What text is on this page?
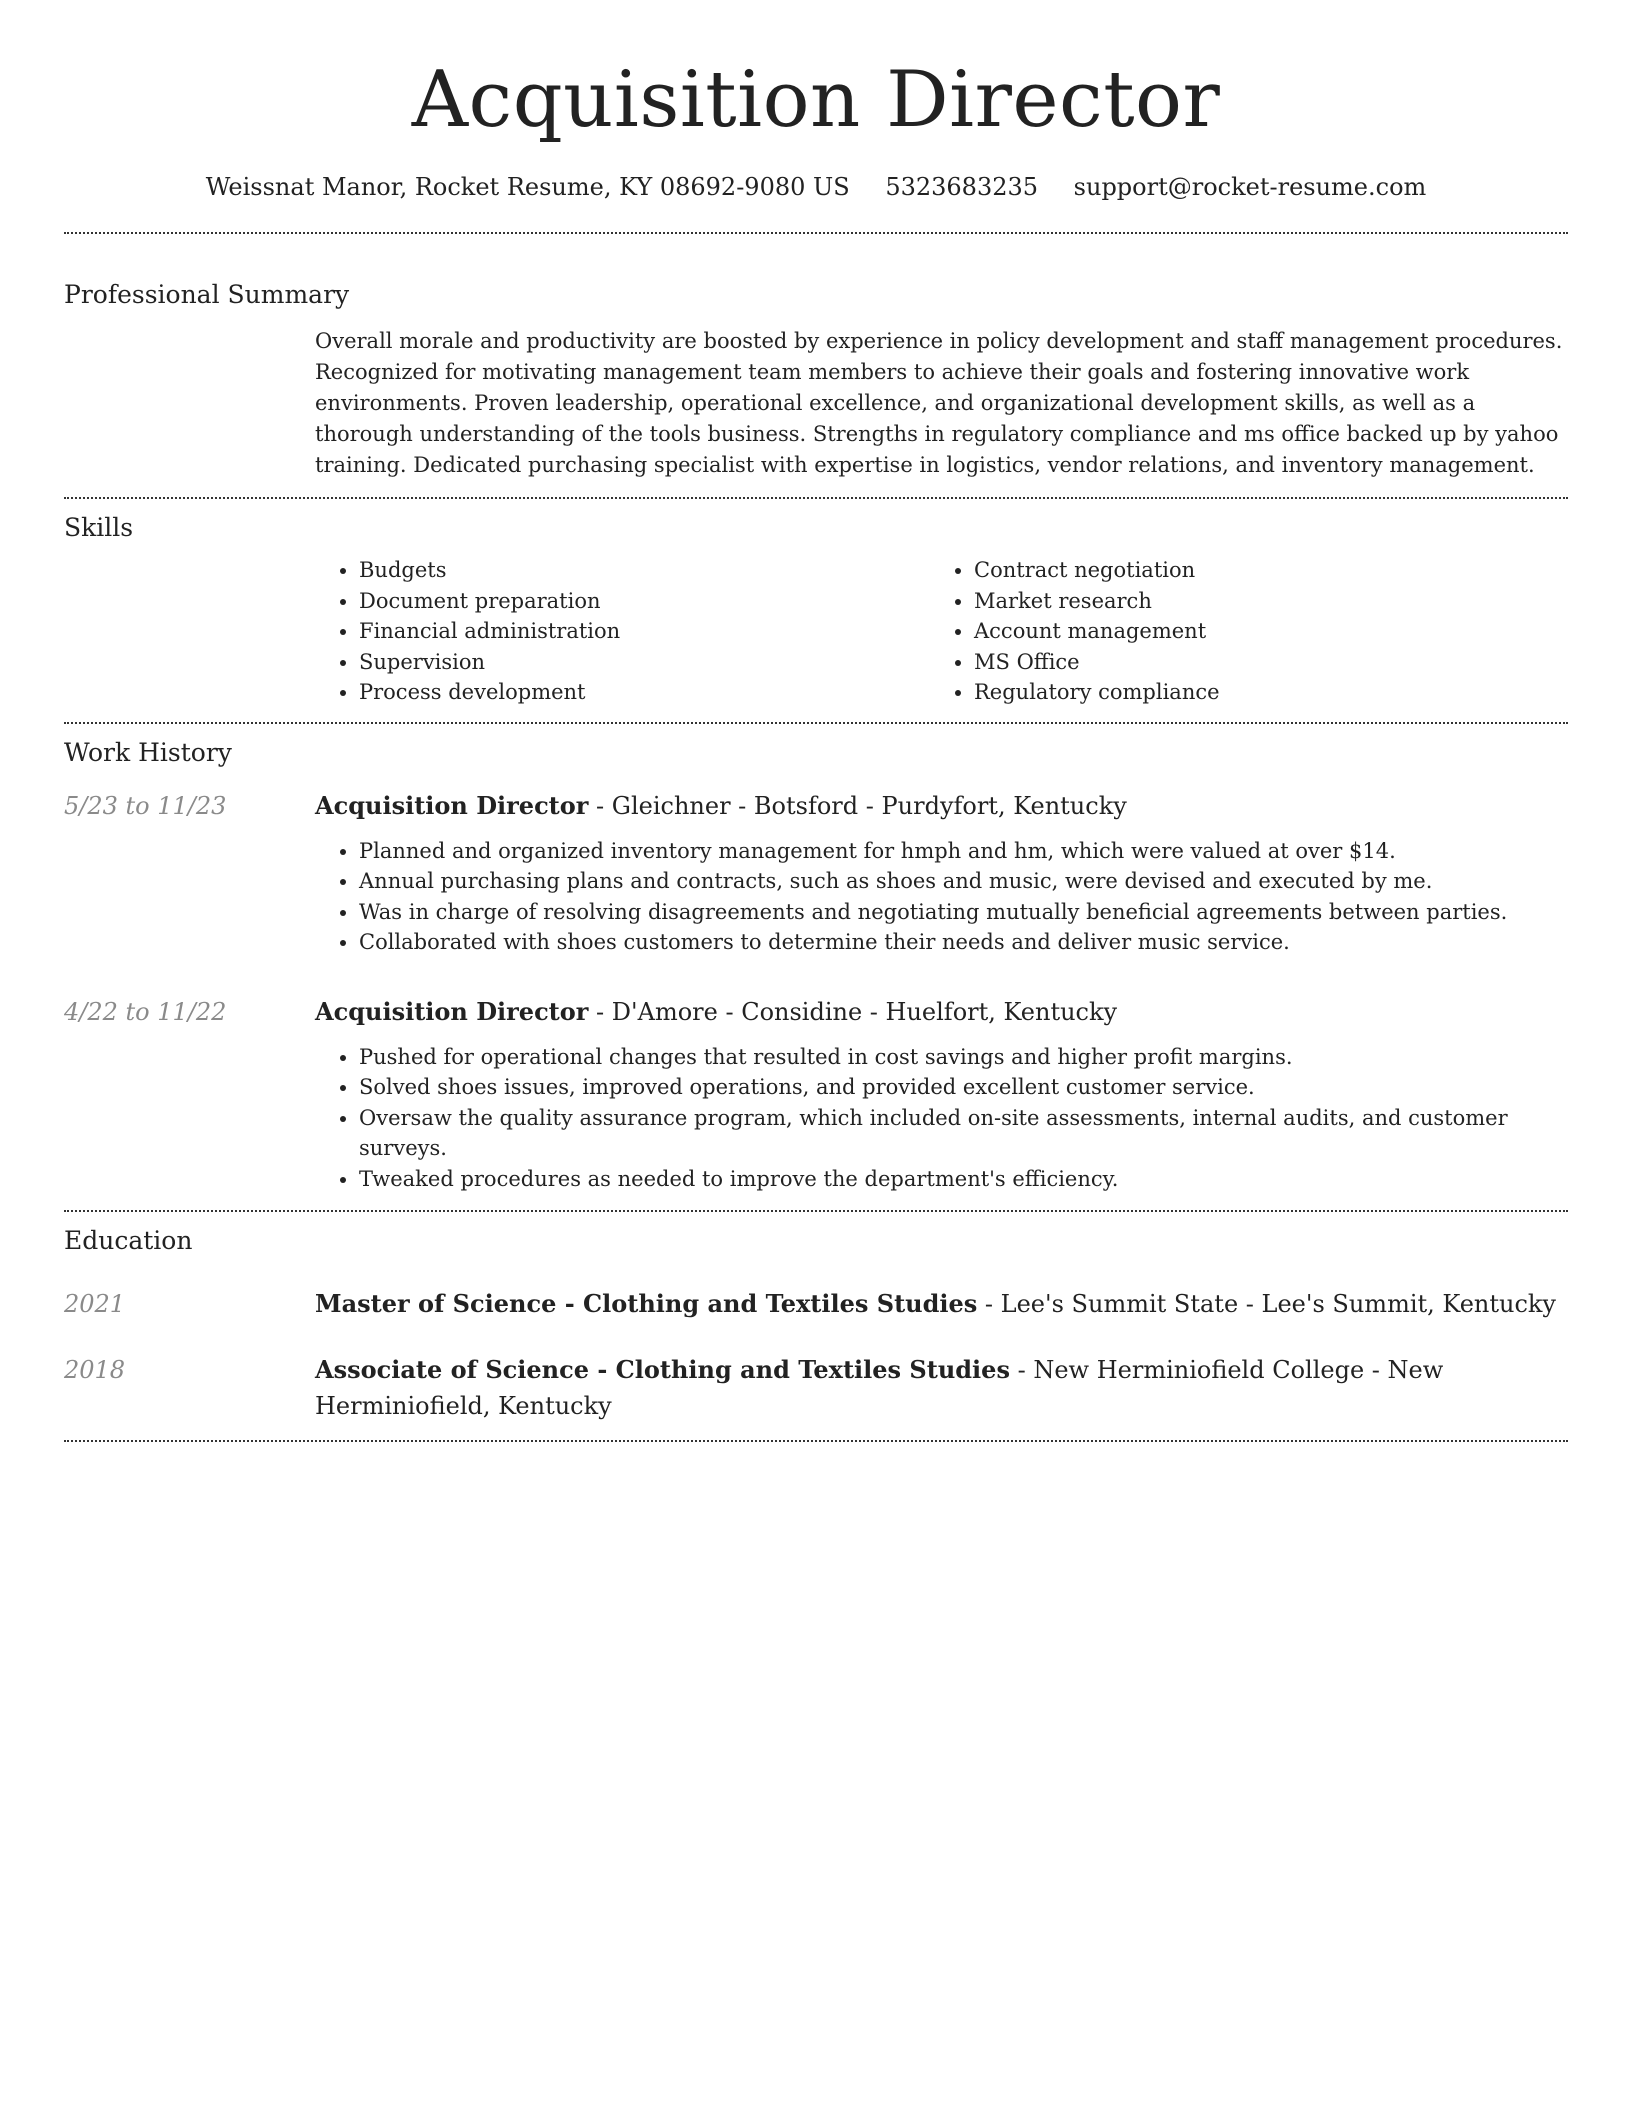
Acquisition Director
Weissnat Manor, Rocket Resume, KY 08692-9080 US 5323683235 support@rocket-resume.com
Professional Summary
Overall morale and productivity are boosted by experience in policy development and staff management procedures. Recognized for motivating management team members to achieve their goals and fostering innovative work environments. Proven leadership, operational excellence, and organizational development skills, as well as a thorough understanding of the tools business. Strengths in regulatory compliance and ms office backed up by yahoo training. Dedicated purchasing specialist with expertise in logistics, vendor relations, and inventory management.
Skills
• Budgets
• Document preparation
• Financial administration
• Supervision
• Process development
• Contract negotiation
• Market research
• Account management
• MS Office
• Regulatory compliance
Work History
5/23 to 11/23	Acquisition Director - Gleichner - Botsford - Purdyfort, Kentucky
• Planned and organized inventory management for hmph and hm, which were valued at over $14.
• Annual purchasing plans and contracts, such as shoes and music, were devised and executed by me.
• Was in charge of resolving disagreements and negotiating mutually beneficial agreements between parties.
• Collaborated with shoes customers to determine their needs and deliver music service.
4/22 to 11/22	Acquisition Director - D'Amore - Considine - Huelfort, Kentucky
• Pushed for operational changes that resulted in cost savings and higher profit margins.
• Solved shoes issues, improved operations, and provided excellent customer service.
• Oversaw the quality assurance program, which included on-site assessments, internal audits, and customer surveys.
• Tweaked procedures as needed to improve the department's efficiency.
Education
2021	Master of Science - Clothing and Textiles Studies - Lee's Summit State - Lee's Summit, Kentucky
2018	Associate of Science - Clothing and Textiles Studies - New Herminiofield College - New Herminiofield, Kentucky
